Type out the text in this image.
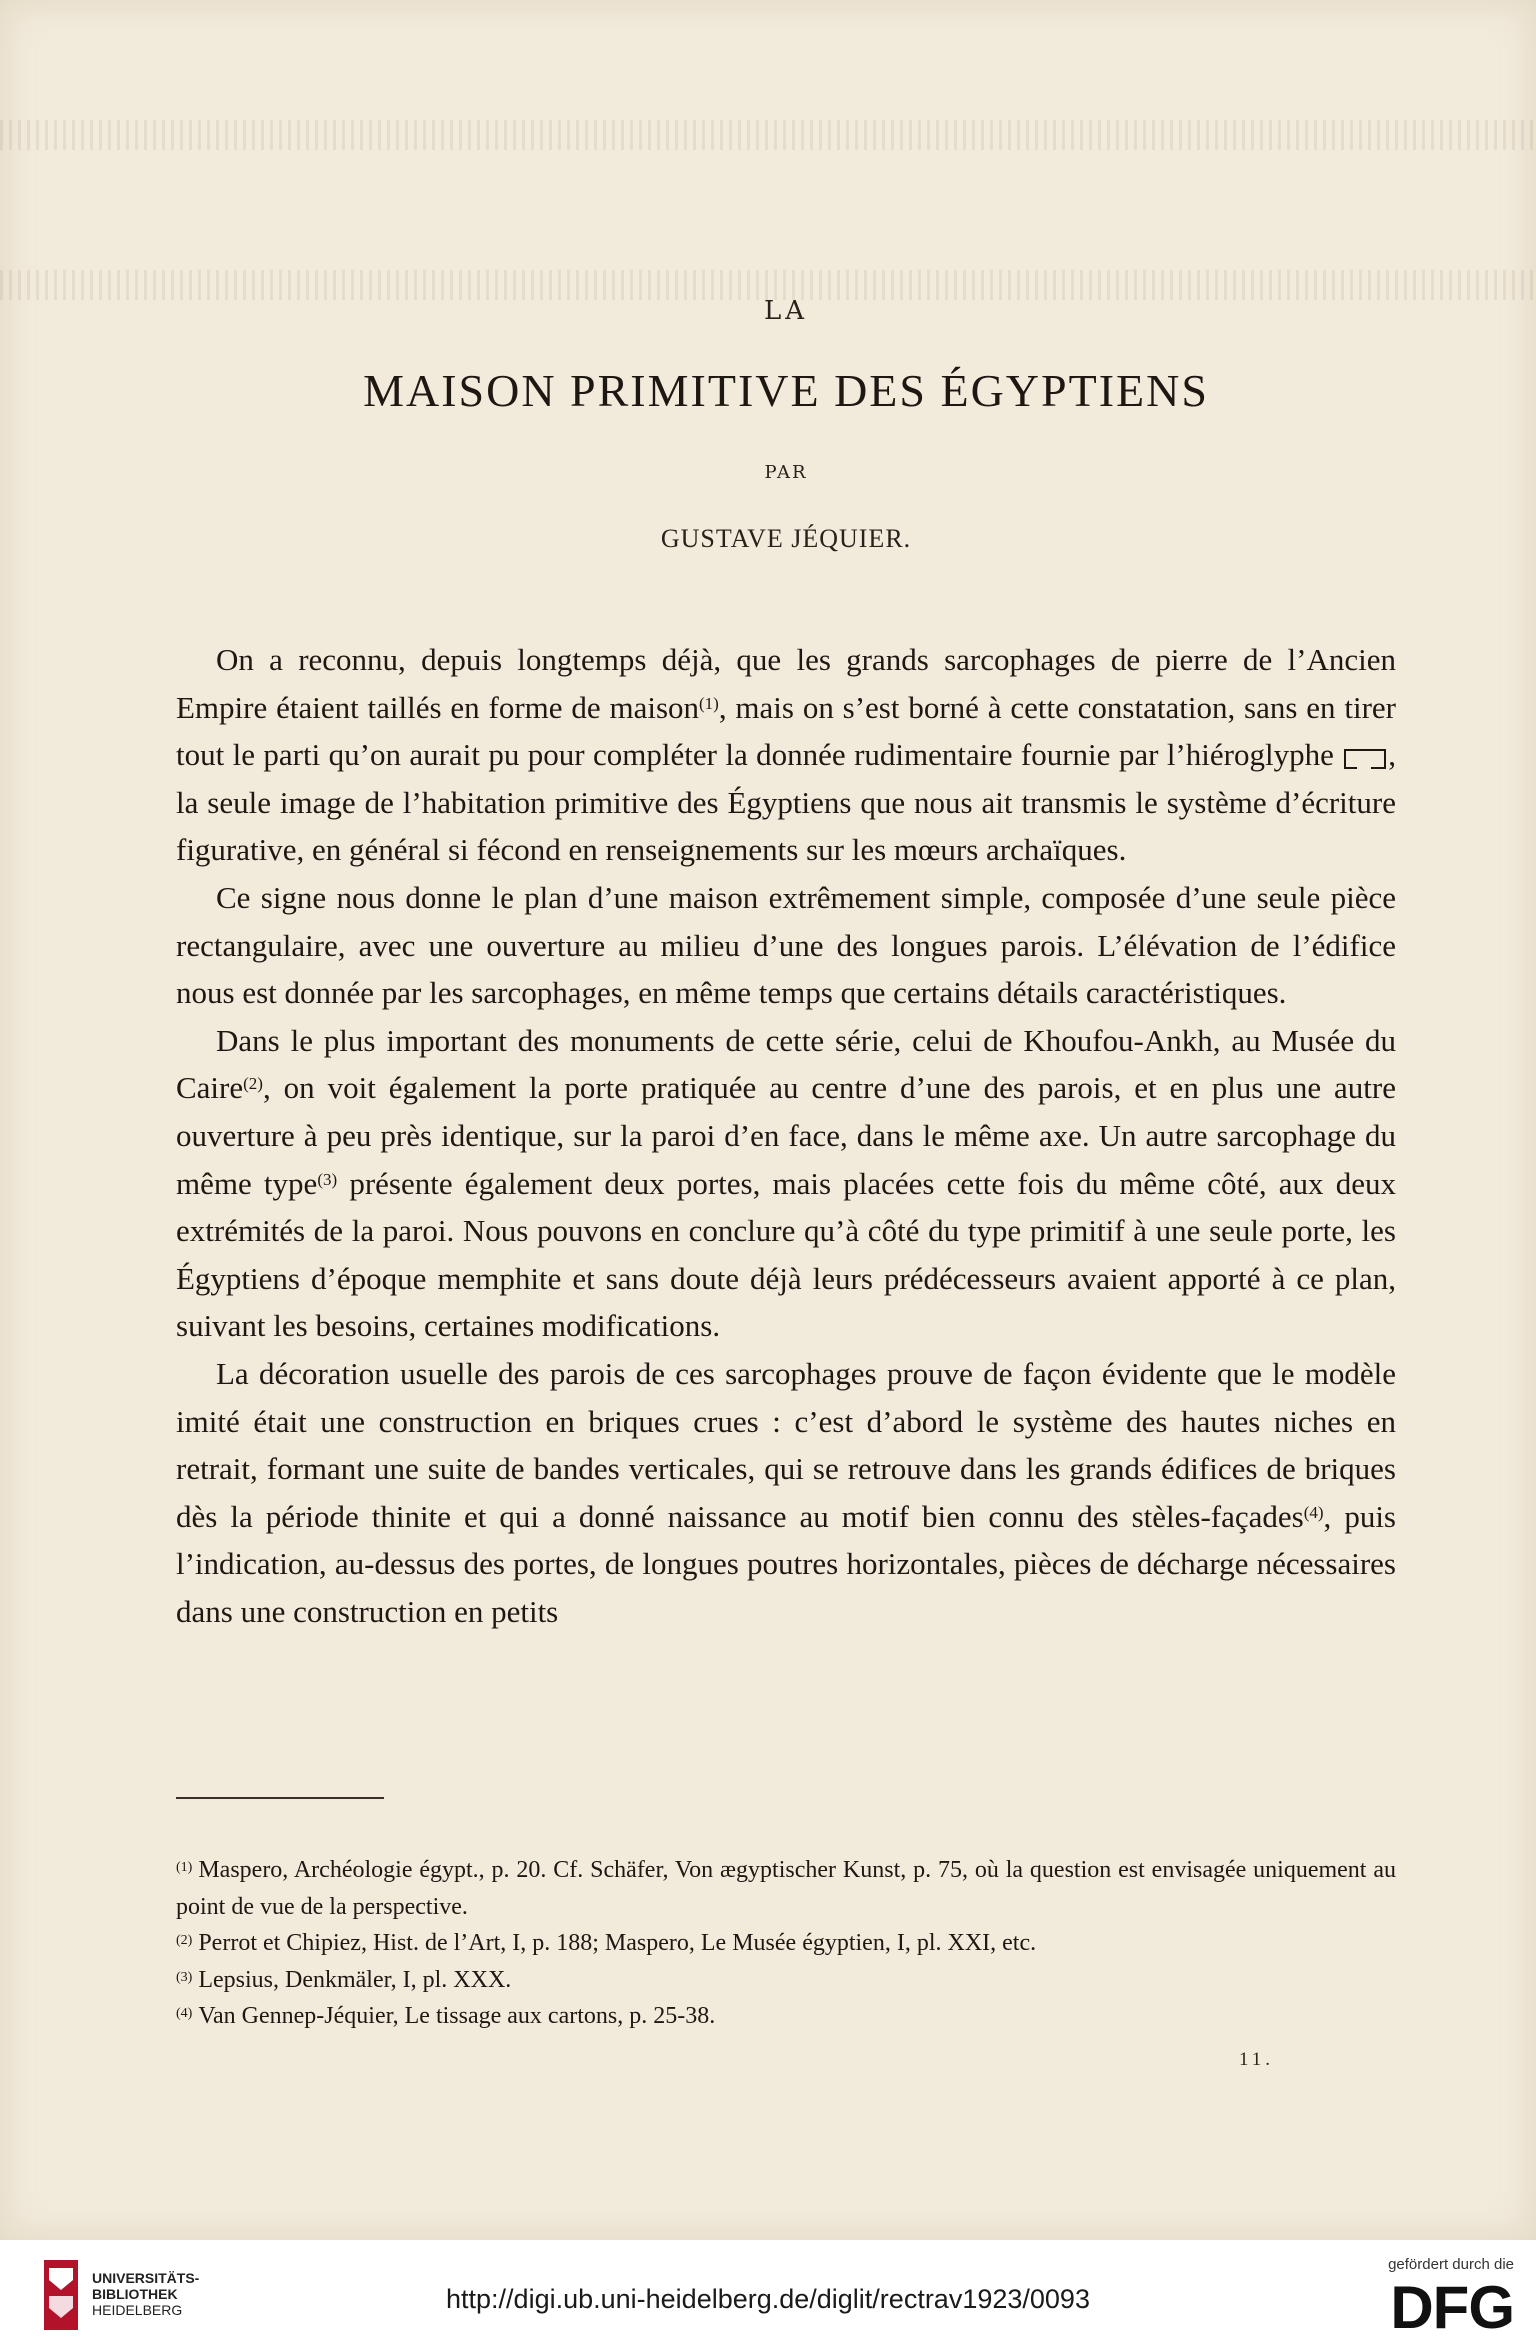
LA
MAISON PRIMITIVE DES ÉGYPTIENS
PAR
GUSTAVE JÉQUIER.

On a reconnu, depuis longtemps déjà, que les grands sarcophages de pierre de l’Ancien Empire étaient taillés en forme de maison$^{(1)}$, mais on s’est borné à cette constatation, sans en tirer tout le parti qu’on aurait pu pour compléter la donnée rudimentaire fournie par l’hiéroglyphe , la seule image de l’habitation primitive des Égyptiens que nous ait transmis le système d’écriture figurative, en général si fécond en renseignements sur les mœurs archaïques.

Ce signe nous donne le plan d’une maison extrêmement simple, composée d’une seule pièce rectangulaire, avec une ouverture au milieu d’une des longues parois. L’élévation de l’édifice nous est donnée par les sarcophages, en même temps que certains détails caractéristiques.

Dans le plus important des monuments de cette série, celui de Khoufou-Ankh, au Musée du Caire$^{(2)}$, on voit également la porte pratiquée au centre d’une des parois, et en plus une autre ouverture à peu près identique, sur la paroi d’en face, dans le même axe. Un autre sarcophage du même type$^{(3)}$ présente également deux portes, mais placées cette fois du même côté, aux deux extrémités de la paroi. Nous pouvons en conclure qu’à côté du type primitif à une seule porte, les Égyptiens d’époque memphite et sans doute déjà leurs prédécesseurs avaient apporté à ce plan, suivant les besoins, certaines modifications.

La décoration usuelle des parois de ces sarcophages prouve de façon évidente que le modèle imité était une construction en briques crues : c’est d’abord le système des hautes niches en retrait, formant une suite de bandes verticales, qui se retrouve dans les grands édifices de briques dès la période thinite et qui a donné naissance au motif bien connu des stèles-façades$^{(4)}$, puis l’indication, au-dessus des portes, de longues poutres horizontales, pièces de décharge nécessaires dans une construction en petits

$^{(1)}$ Maspero, Archéologie égypt., p. 20. Cf. Schäfer, Von ægyptischer Kunst, p. 75, où la question est envisagée uniquement au point de vue de la perspective.
$^{(2)}$ Perrot et Chipiez, Hist. de l’Art, I, p. 188; Maspero, Le Musée égyptien, I, pl. XXI, etc.
$^{(3)}$ Lepsius, Denkmäler, I, pl. XXX.
$^{(4)}$ Van Gennep-Jéquier, Le tissage aux cartons, p. 25-38.
11.
UNIVERSITÄTS-
BIBLIOTHEK
HEIDELBERG	http://digi.ub.uni-heidelberg.de/diglit/rectrav1923/0093
gefördert durch die
DFG
